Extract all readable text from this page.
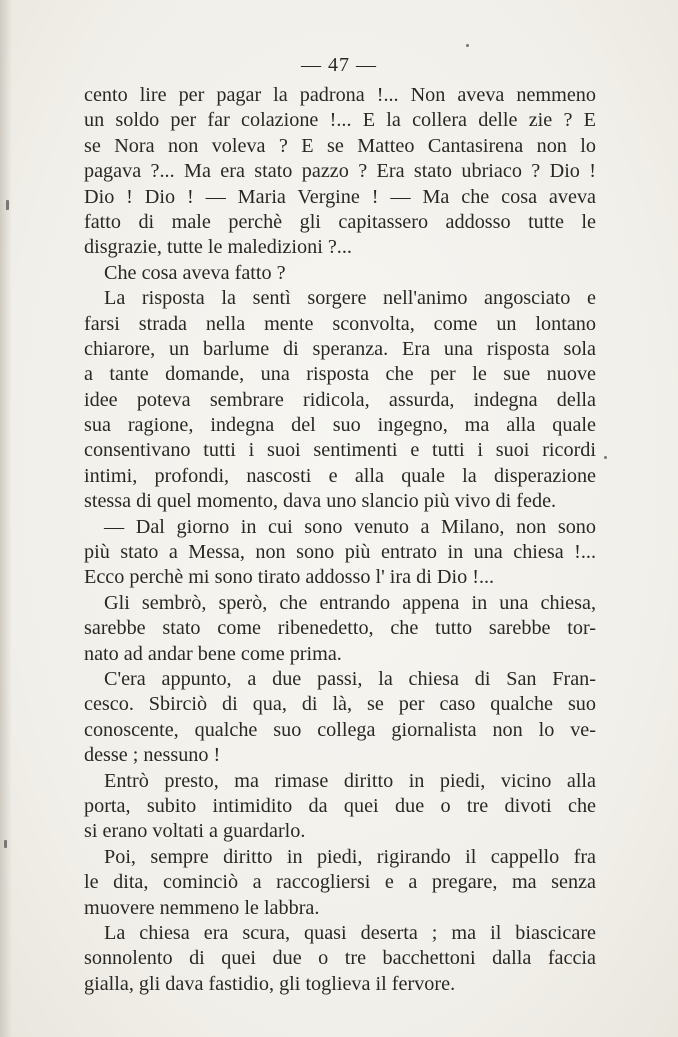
— 47 —
cento lire per pagar la padrona !... Non aveva nemmeno
un soldo per far colazione !... E la collera delle zie ? E
se Nora non voleva ? E se Matteo Cantasirena non lo
pagava ?... Ma era stato pazzo ? Era stato ubriaco ? Dio !
Dio ! Dio ! — Maria Vergine ! — Ma che cosa aveva
fatto di male perchè gli capitassero addosso tutte le
disgrazie, tutte le maledizioni ?...
Che cosa aveva fatto ?
La risposta la sentì sorgere nell'animo angosciato e
farsi strada nella mente sconvolta, come un lontano
chiarore, un barlume di speranza. Era una risposta sola
a tante domande, una risposta che per le sue nuove
idee poteva sembrare ridicola, assurda, indegna della
sua ragione, indegna del suo ingegno, ma alla quale
consentivano tutti i suoi sentimenti e tutti i suoi ricordi
intimi, profondi, nascosti e alla quale la disperazione
stessa di quel momento, dava uno slancio più vivo di fede.
— Dal giorno in cui sono venuto a Milano, non sono
più stato a Messa, non sono più entrato in una chiesa !...
Ecco perchè mi sono tirato addosso l' ira di Dio !...
Gli sembrò, sperò, che entrando appena in una chiesa,
sarebbe stato come ribenedetto, che tutto sarebbe tor-
nato ad andar bene come prima.
C'era appunto, a due passi, la chiesa di San Fran-
cesco. Sbirciò di qua, di là, se per caso qualche suo
conoscente, qualche suo collega giornalista non lo ve-
desse ; nessuno !
Entrò presto, ma rimase diritto in piedi, vicino alla
porta, subito intimidito da quei due o tre divoti che
si erano voltati a guardarlo.
Poi, sempre diritto in piedi, rigirando il cappello fra
le dita, cominciò a raccogliersi e a pregare, ma senza
muovere nemmeno le labbra.
La chiesa era scura, quasi deserta ; ma il biascicare
sonnolento di quei due o tre bacchettoni dalla faccia
gialla, gli dava fastidio, gli toglieva il fervore.
